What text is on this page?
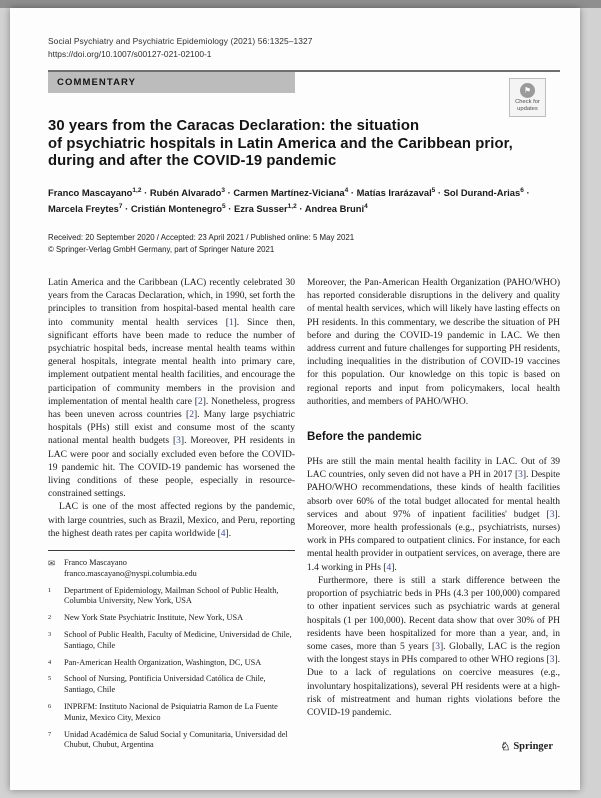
Social Psychiatry and Psychiatric Epidemiology (2021) 56:1325–1327
https://doi.org/10.1007/s00127-021-02100-1
COMMENTARY
⚑
Check for
updates
30 years from the Caracas Declaration: the situation
of psychiatric hospitals in Latin America and the Caribbean prior,
during and after the COVID-19 pandemic
Franco Mascayano$^{1,2}$ · Rubén Alvarado$^3$ · Carmen Martínez-Viciana$^4$ · Matías Irarázaval$^5$ · Sol Durand-Arias$^6$ · Marcela Freytes$^7$ · Cristián Montenegro$^5$ · Ezra Susser$^{1,2}$ · Andrea Bruni$^4$
Received: 20 September 2020 / Accepted: 23 April 2021 / Published online: 5 May 2021
© Springer-Verlag GmbH Germany, part of Springer Nature 2021

Latin America and the Caribbean (LAC) recently celebrated 30 years from the Caracas Declaration, which, in 1990, set forth the principles to transition from hospital-based mental health care into community mental health services [1]. Since then, significant efforts have been made to reduce the number of psychiatric hospital beds, increase mental health teams within general hospitals, integrate mental health into primary care, implement outpatient mental health facilities, and encourage the participation of community members in the provision and implementation of mental health care [2]. Nonetheless, progress has been uneven across countries [2]. Many large psychiatric hospitals (PHs) still exist and consume most of the scanty national mental health budgets [3]. Moreover, PH residents in LAC were poor and socially excluded even before the COVID-19 pandemic hit. The COVID-19 pandemic has worsened the living conditions of these people, especially in resource-constrained settings.

LAC is one of the most affected regions by the pandemic, with large countries, such as Brazil, Mexico, and Peru, reporting the highest death rates per capita worldwide [4].

✉	Franco Mascayano
franco.mascayano@nyspi.columbia.edu
1	Department of Epidemiology, Mailman School of Public Health, Columbia University, New York, USA
2	New York State Psychiatric Institute, New York, USA
3	School of Public Health, Faculty of Medicine, Universidad de Chile, Santiago, Chile
4	Pan-American Health Organization, Washington, DC, USA
5	School of Nursing, Pontificia Universidad Católica de Chile, Santiago, Chile
6	INPRFM: Instituto Nacional de Psiquiatria Ramon de La Fuente Muniz, Mexico City, Mexico
7	Unidad Académica de Salud Social y Comunitaria, Universidad del Chubut, Chubut, Argentina

Moreover, the Pan-American Health Organization (PAHO/WHO) has reported considerable disruptions in the delivery and quality of mental health services, which will likely have lasting effects on PH residents. In this commentary, we describe the situation of PH before and during the COVID-19 pandemic in LAC. We then address current and future challenges for supporting PH residents, including inequalities in the distribution of COVID-19 vaccines for this population. Our knowledge on this topic is based on regional reports and input from policymakers, local health authorities, and members of PAHO/WHO.

Before the pandemic

PHs are still the main mental health facility in LAC. Out of 39 LAC countries, only seven did not have a PH in 2017 [3]. Despite PAHO/WHO recommendations, these kinds of health facilities absorb over 60% of the total budget allocated for mental health services and about 97% of inpatient facilities' budget [3]. Moreover, more health professionals (e.g., psychiatrists, nurses) work in PHs compared to outpatient clinics. For instance, for each mental health provider in outpatient services, on average, there are 1.4 working in PHs [4].

Furthermore, there is still a stark difference between the proportion of psychiatric beds in PHs (4.3 per 100,000) compared to other inpatient services such as psychiatric wards at general hospitals (1 per 100,000). Recent data show that over 30% of PH residents have been hospitalized for more than a year, and, in some cases, more than 5 years [3]. Globally, LAC is the region with the longest stays in PHs compared to other WHO regions [3]. Due to a lack of regulations on coercive measures (e.g., involuntary hospitalizations), several PH residents were at a high-risk of mistreatment and human rights violations before the COVID-19 pandemic.

♘ Springer
